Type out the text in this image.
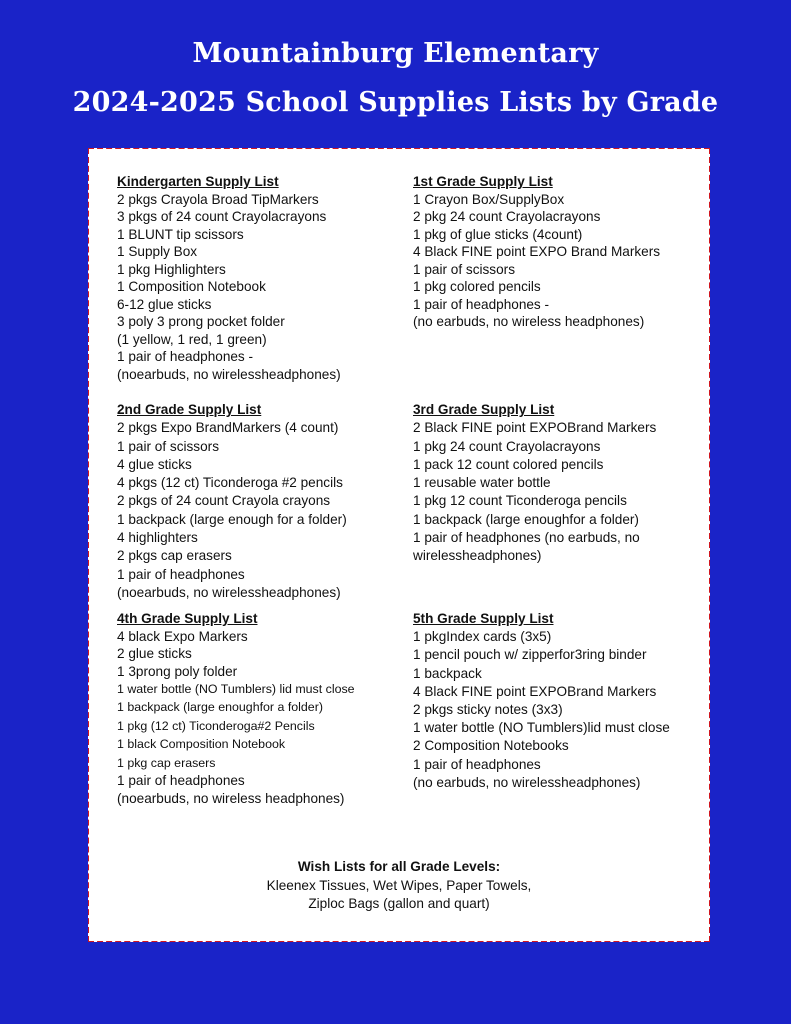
Mountainburg Elementary
2024-2025 School Supplies Lists by Grade
Kindergarten Supply List
2 pkgs Crayola Broad TipMarkers
3 pkgs of 24 count Crayolacrayons
1 BLUNT tip scissors
1 Supply Box
1 pkg Highlighters
1 Composition Notebook
6-12 glue sticks
3 poly 3 prong pocket folder
(1 yellow, 1 red, 1 green)
1 pair of headphones -
(noearbuds, no wirelessheadphones)
1st Grade Supply List
1 Crayon Box/SupplyBox
2 pkg 24 count Crayolacrayons
1 pkg of glue sticks (4count)
4 Black FINE point EXPO Brand Markers
1 pair of scissors
1 pkg colored pencils
1 pair of headphones -
(no earbuds, no wireless headphones)
2nd Grade Supply List
2 pkgs Expo BrandMarkers (4 count)
1 pair of scissors
4 glue sticks
4 pkgs (12 ct) Ticonderoga #2 pencils
2 pkgs of 24 count Crayola crayons
1 backpack (large enough for a folder)
4 highlighters
2 pkgs cap erasers
1 pair of headphones
(noearbuds, no wirelessheadphones)
3rd Grade Supply List
2 Black FINE point EXPOBrand Markers
1 pkg 24 count Crayolacrayons
1 pack 12 count colored pencils
1 reusable water bottle
1 pkg 12 count Ticonderoga pencils
1 backpack (large enoughfor a folder)
1 pair of headphones (no earbuds, no
wirelessheadphones)
4th Grade Supply List
4 black Expo Markers
2 glue sticks
1 3prong poly folder
1 water bottle (NO Tumblers) lid must close
1 backpack (large enoughfor a folder)
1 pkg (12 ct) Ticonderoga#2 Pencils
1 black Composition Notebook
1 pkg cap erasers
1 pair of headphones
(noearbuds, no wireless headphones)
5th Grade Supply List
1 pkgIndex cards (3x5)
1 pencil pouch w/ zipperfor3ring binder
1 backpack
4 Black FINE point EXPOBrand Markers
2 pkgs sticky notes (3x3)
1 water bottle (NO Tumblers)lid must close
2 Composition Notebooks
1 pair of headphones
(no earbuds, no wirelessheadphones)
Wish Lists for all Grade Levels:
Kleenex Tissues, Wet Wipes, Paper Towels,
Ziploc Bags (gallon and quart)
